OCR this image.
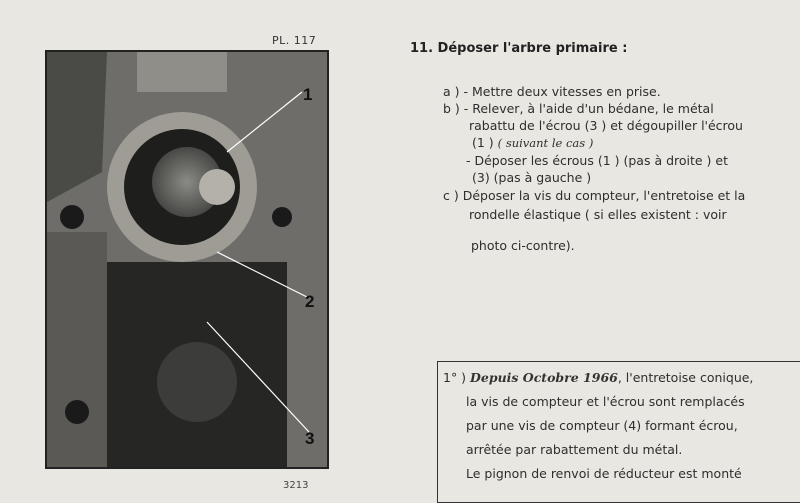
PL. 117
1
2
3
3213
11. Déposer l'arbre primaire :
a ) - Mettre deux vitesses en prise.
b ) - Relever, à l'aide d'un bédane, le métal
rabattu de l'écrou (3 ) et dégoupiller l'écrou
(1 ) ( suivant le cas )
- Déposer les écrous (1 ) (pas à droite ) et
(3) (pas à gauche )
c ) Déposer la vis du compteur, l'entretoise et la
rondelle élastique ( si elles existent : voir
photo ci-contre).
1° ) Depuis Octobre 1966, l'entretoise conique,
la vis de compteur et l'écrou sont remplacés
par une vis de compteur (4) formant écrou,
arrêtée par rabattement du métal.
Le pignon de renvoi de réducteur est monté
